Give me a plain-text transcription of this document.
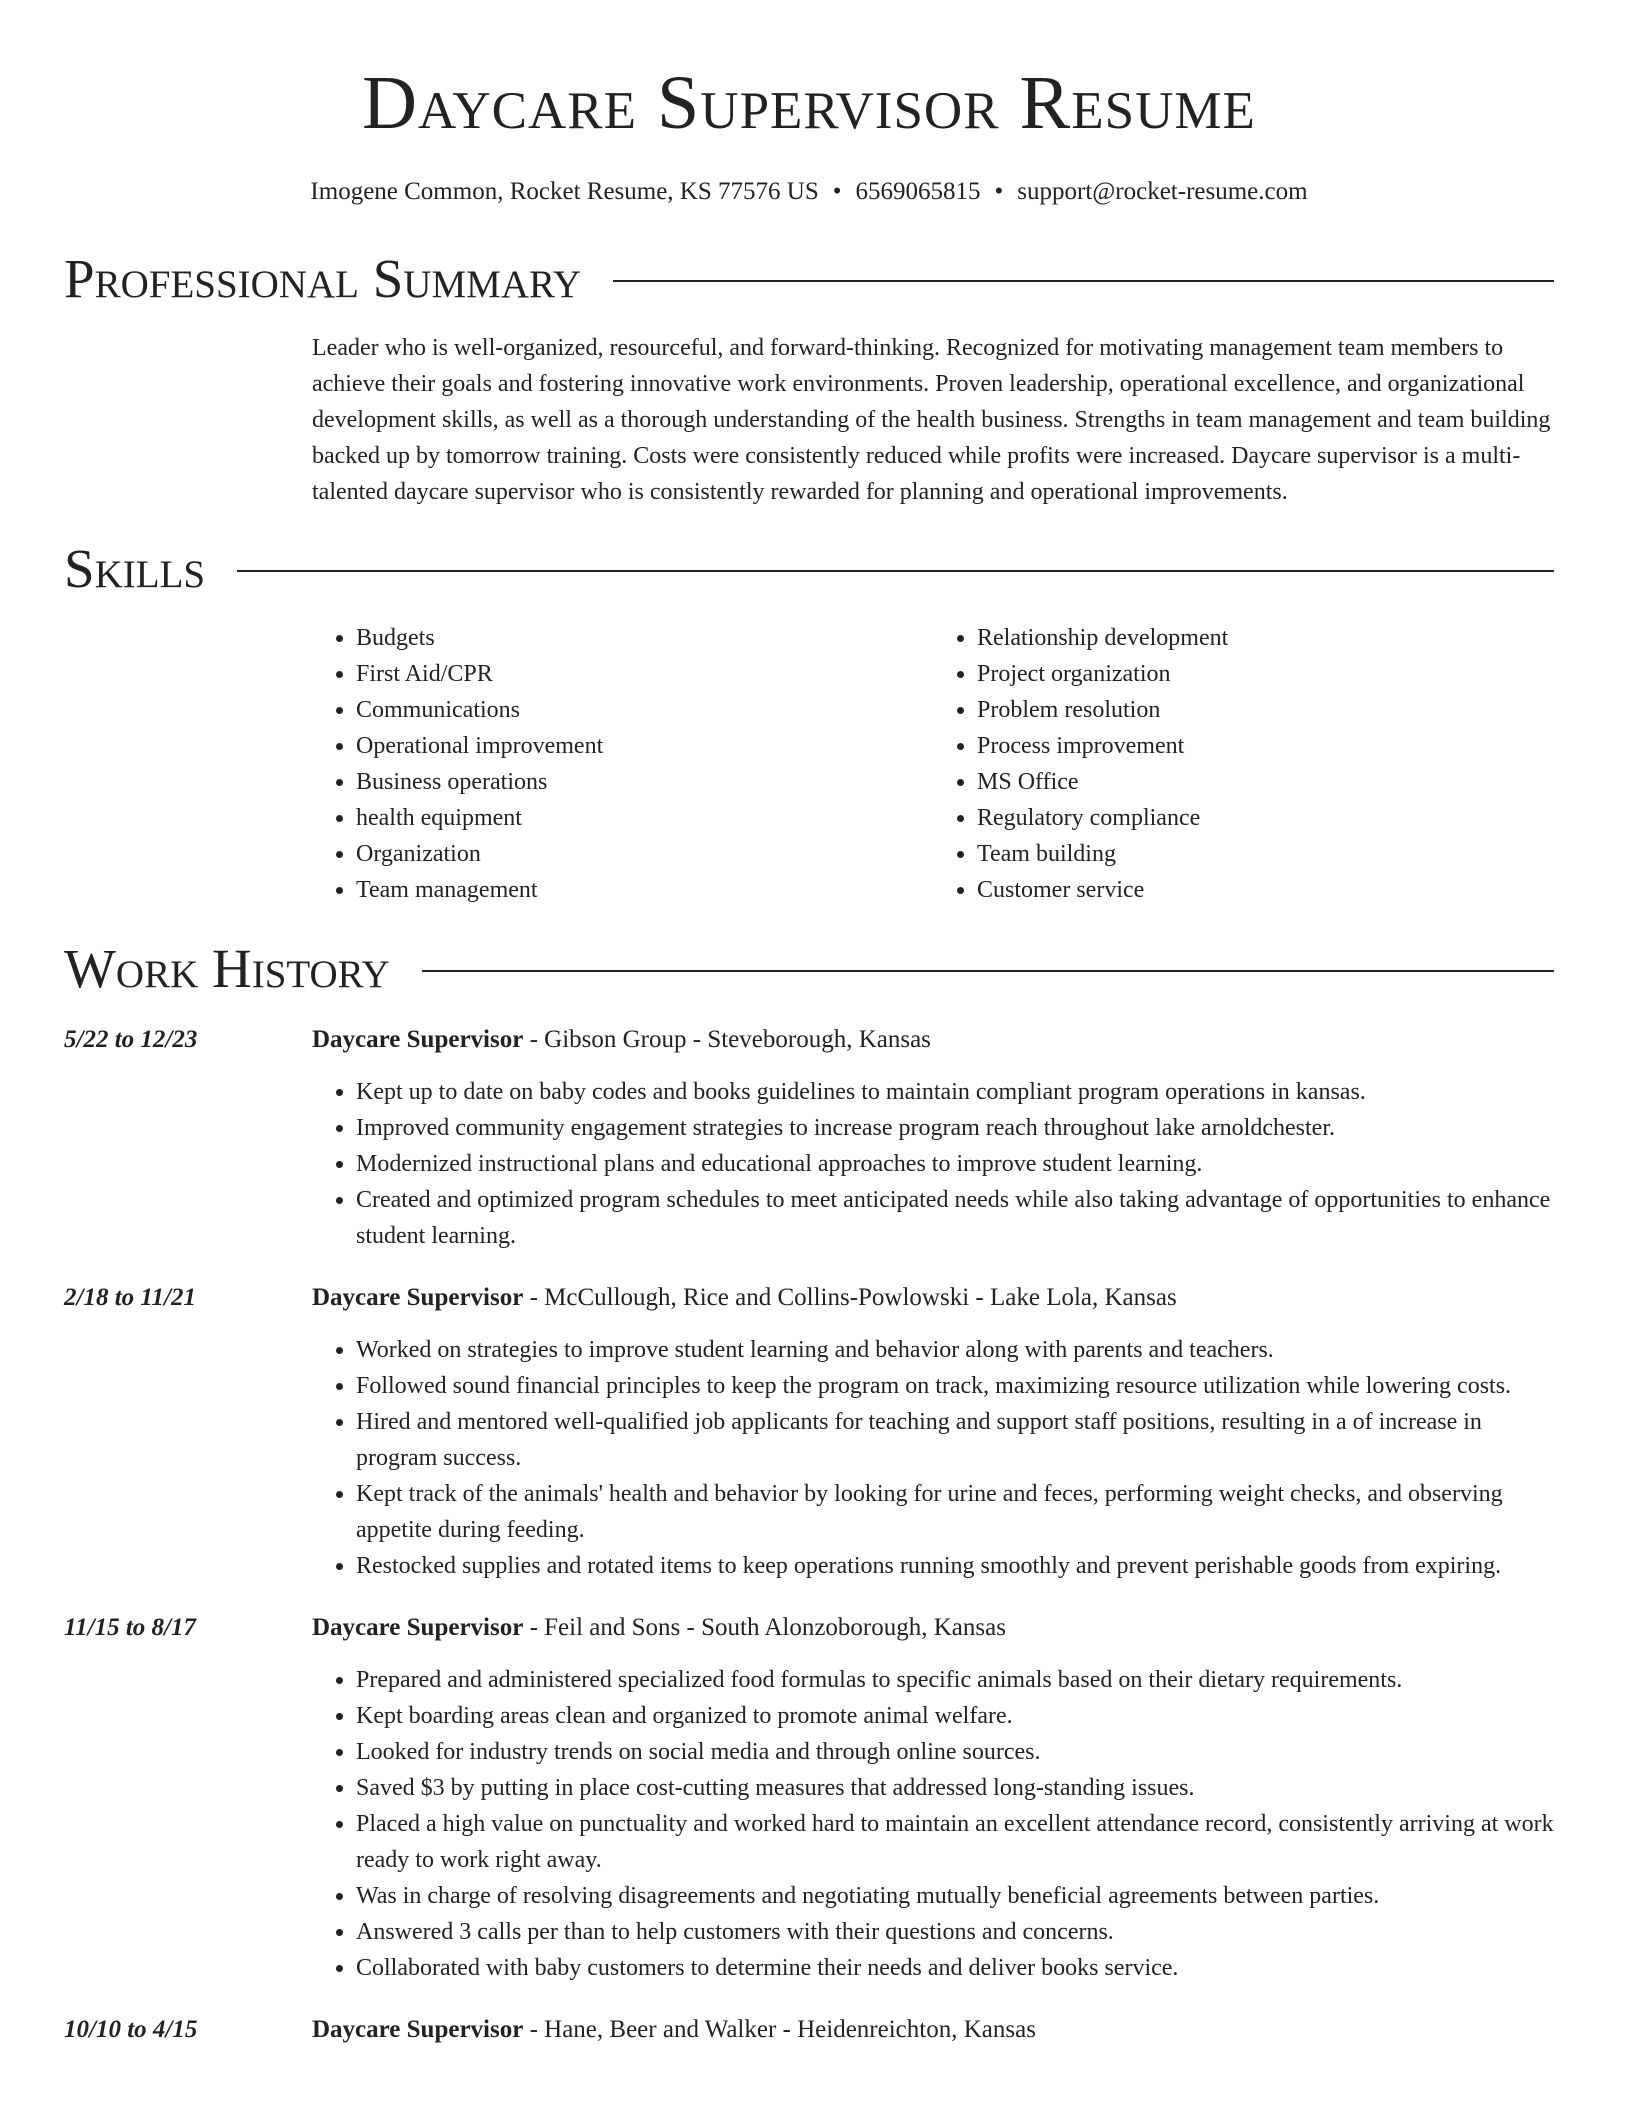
Daycare Supervisor Resume
Imogene Common, Rocket Resume, KS 77576 US • 6569065815 • support@rocket-resume.com
Professional Summary

Leader who is well-organized, resourceful, and forward-thinking. Recognized for motivating management team members to achieve their goals and fostering innovative work environments. Proven leadership, operational excellence, and organizational development skills, as well as a thorough understanding of the health business. Strengths in team management and team building backed up by tomorrow training. Costs were consistently reduced while profits were increased. Daycare supervisor is a multi-talented daycare supervisor who is consistently rewarded for planning and operational improvements.

Skills
• Budgets
• First Aid/CPR
• Communications
• Operational improvement
• Business operations
• health equipment
• Organization
• Team management
• Relationship development
• Project organization
• Problem resolution
• Process improvement
• MS Office
• Regulatory compliance
• Team building
• Customer service
Work History
5/22 to 12/23	Daycare Supervisor - Gibson Group - Steveborough, Kansas
• Kept up to date on baby codes and books guidelines to maintain compliant program operations in kansas.
• Improved community engagement strategies to increase program reach throughout lake arnoldchester.
• Modernized instructional plans and educational approaches to improve student learning.
• Created and optimized program schedules to meet anticipated needs while also taking advantage of opportunities to enhance student learning.
2/18 to 11/21	Daycare Supervisor - McCullough, Rice and Collins-Powlowski - Lake Lola, Kansas
• Worked on strategies to improve student learning and behavior along with parents and teachers.
• Followed sound financial principles to keep the program on track, maximizing resource utilization while lowering costs.
• Hired and mentored well-qualified job applicants for teaching and support staff positions, resulting in a of increase in program success.
• Kept track of the animals' health and behavior by looking for urine and feces, performing weight checks, and observing appetite during feeding.
• Restocked supplies and rotated items to keep operations running smoothly and prevent perishable goods from expiring.
11/15 to 8/17	Daycare Supervisor - Feil and Sons - South Alonzoborough, Kansas
• Prepared and administered specialized food formulas to specific animals based on their dietary requirements.
• Kept boarding areas clean and organized to promote animal welfare.
• Looked for industry trends on social media and through online sources.
• Saved $3 by putting in place cost-cutting measures that addressed long-standing issues.
• Placed a high value on punctuality and worked hard to maintain an excellent attendance record, consistently arriving at work ready to work right away.
• Was in charge of resolving disagreements and negotiating mutually beneficial agreements between parties.
• Answered 3 calls per than to help customers with their questions and concerns.
• Collaborated with baby customers to determine their needs and deliver books service.
10/10 to 4/15	Daycare Supervisor - Hane, Beer and Walker - Heidenreichton, Kansas
